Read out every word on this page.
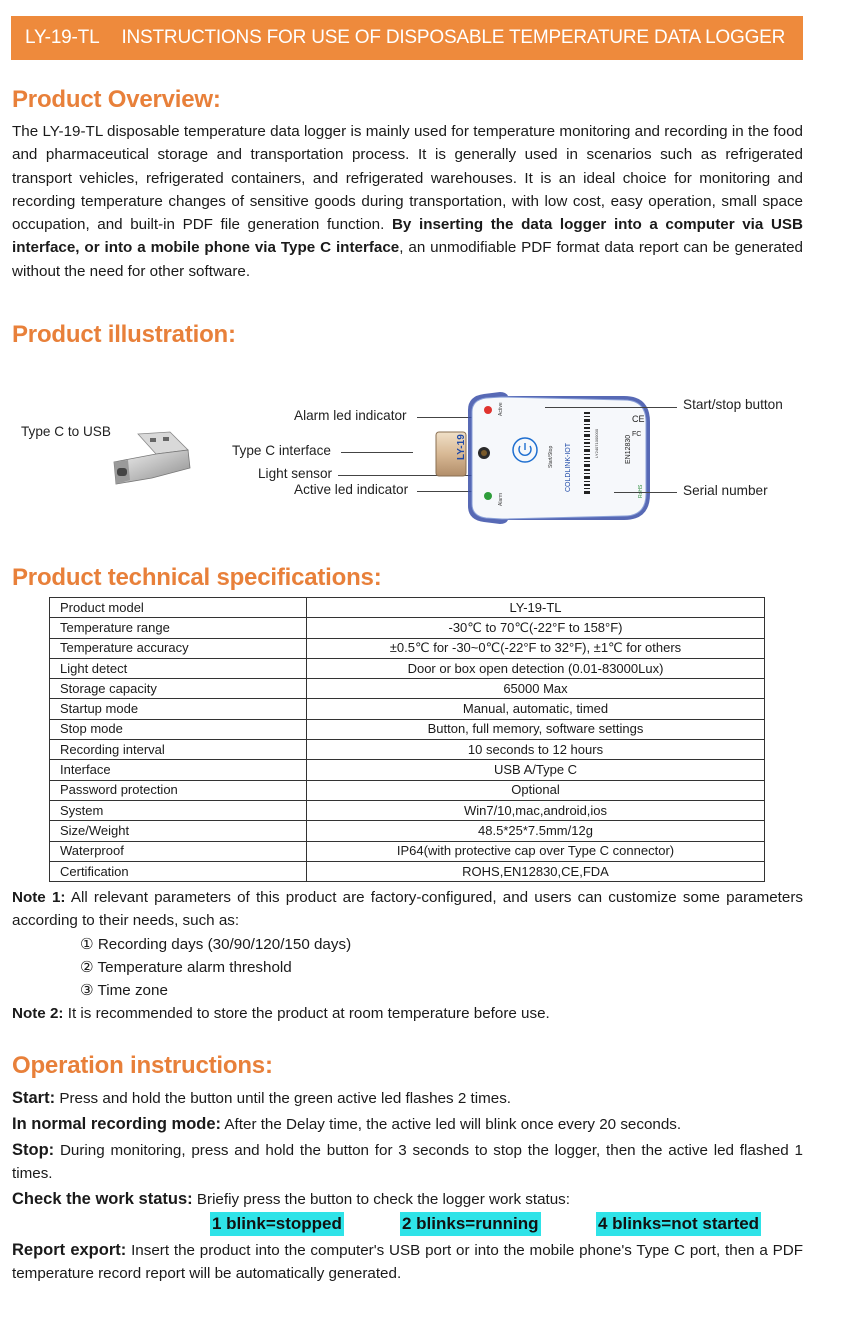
LY-19-TL INSTRUCTIONS FOR USE OF DISPOSABLE TEMPERATURE DATA LOGGER
Product Overview:

The LY-19-TL disposable temperature data logger is mainly used for temperature monitoring and recording in the food and pharmaceutical storage and transportation process. It is generally used in scenarios such as refrigerated transport vehicles, refrigerated containers, and refrigerated warehouses. It is an ideal choice for monitoring and recording temperature changes of sensitive goods during transportation, with low cost, easy operation, small space occupation, and built-in PDF file generation function. By inserting the data logger into a computer via USB interface, or into a mobile phone via Type C interface, an unmodifiable PDF format data report can be generated without the need for other software.

Product illustration:
Type C to USB
Alarm led indicator
Type C interface
Light sensor
Active led indicator
LY-19
Active
Alarm
Start/Stop COLDLINK-IOT	LY24071000000	EN12830
CE
FC
Start/stop button
Serial number
Product technical specifications:
Product model	LY-19-TL
Temperature range	-30℃ to 70℃(-22°F to 158°F)
Temperature accuracy	±0.5℃ for -30~0℃(-22°F to 32°F), ±1℃ for others
Light detect	Door or box open detection (0.01-83000Lux)
Storage capacity	65000 Max
Startup mode	Manual, automatic, timed
Stop mode	Button, full memory, software settings
Recording interval	10 seconds to 12 hours
Interface	USB A/Type C
Password protection	Optional
System	Win7/10,mac,android,ios
Size/Weight	48.5*25*7.5mm/12g
Waterproof	IP64(with protective cap over Type C connector)
Certification	ROHS,EN12830,CE,FDA

Note 1: All relevant parameters of this product are factory-configured, and users can customize some parameters according to their needs, such as:

① Recording days (30/90/120/150 days)
② Temperature alarm threshold
③ Time zone

Note 2: It is recommended to store the product at room temperature before use.

Operation instructions:

Start: Press and hold the button until the green active led flashes 2 times.

In normal recording mode: After the Delay time, the active led will blink once every 20 seconds.

Stop: During monitoring, press and hold the button for 3 seconds to stop the logger, then the active led flashed 1 times.

Check the work status: Briefiy press the button to check the logger work status:

1 blink=stopped	2 blinks=running	4 blinks=not started

Report export: Insert the product into the computer's USB port or into the mobile phone's Type C port, then a PDF temperature record report will be automatically generated.
